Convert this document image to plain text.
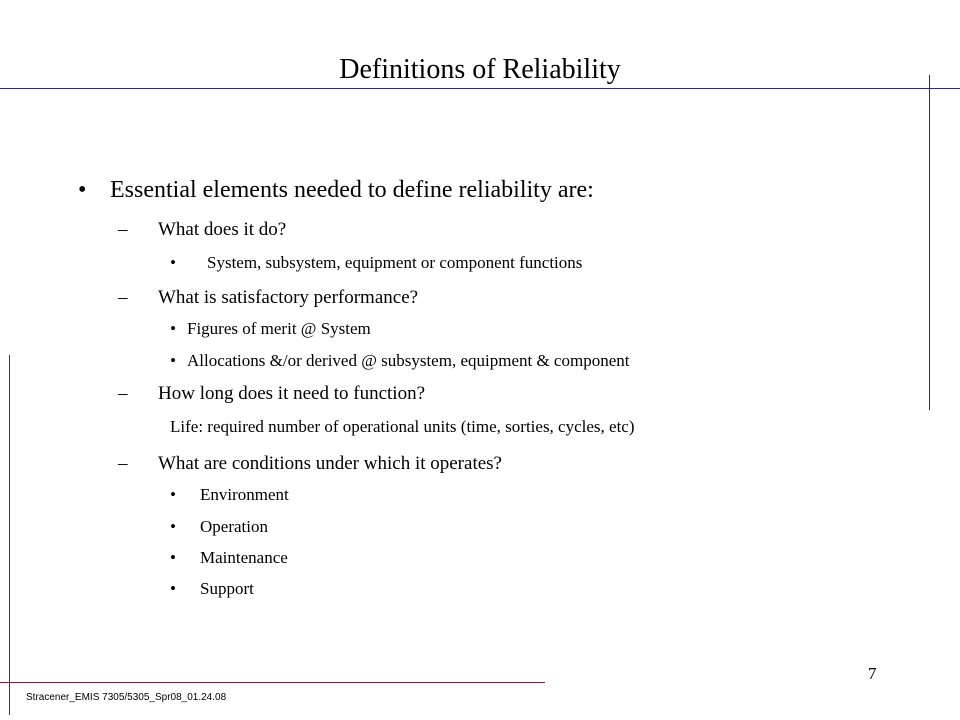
Definitions of Reliability
• Essential elements needed to define reliability are:
– What does it do?
• System, subsystem, equipment or component functions
– What is satisfactory performance?
• Figures of merit @ System
• Allocations &/or derived @ subsystem, equipment & component
– How long does it need to function?
Life: required number of operational units (time, sorties, cycles, etc)
– What are conditions under which it operates?
• Environment
• Operation
• Maintenance
• Support
7
Stracener_EMIS 7305/5305_Spr08_01.24.08
